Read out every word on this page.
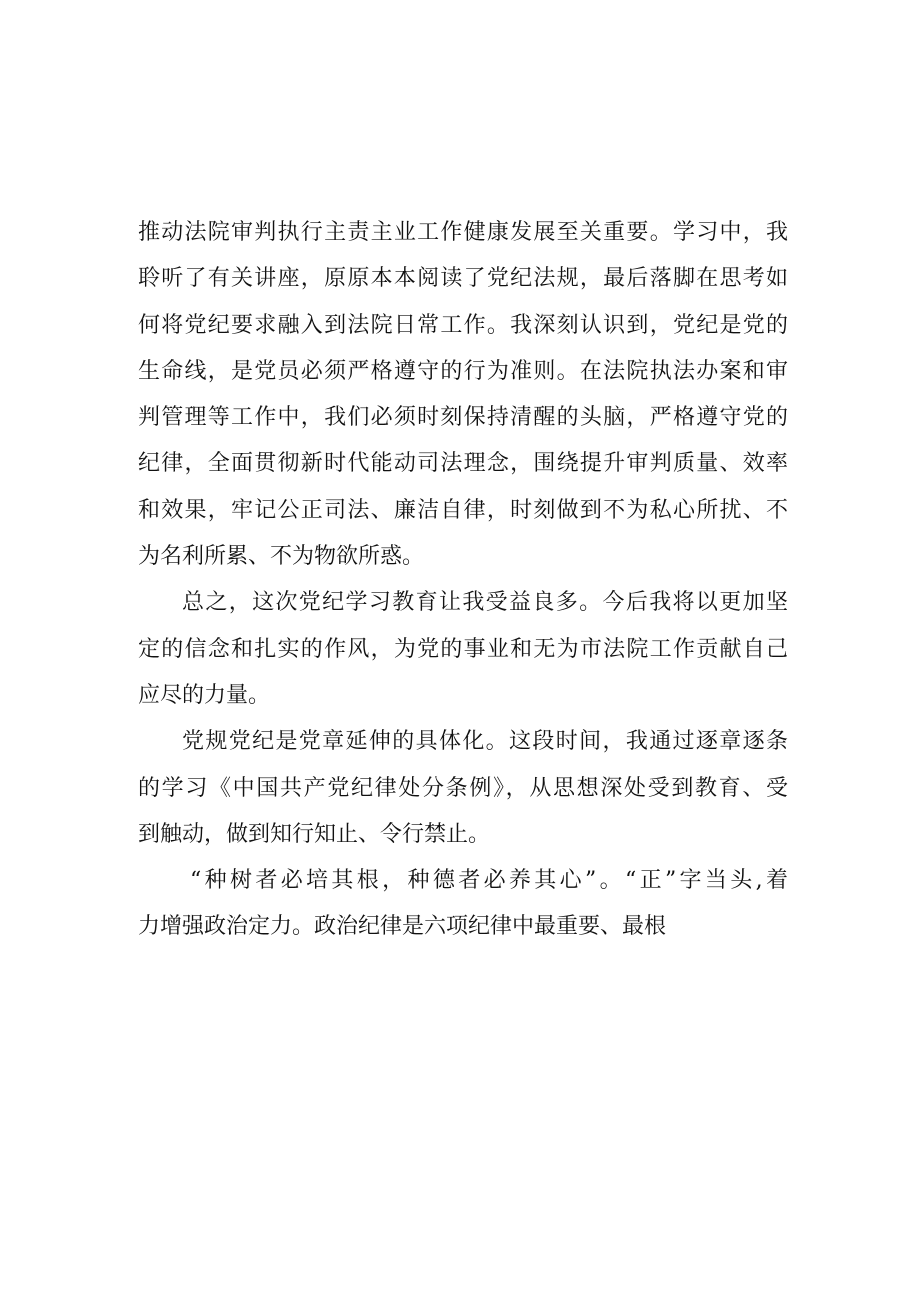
推动法院审判执行主责主业工作健康发展至关重要。学习中，我
聆听了有关讲座，原原本本阅读了党纪法规，最后落脚在思考如
何将党纪要求融入到法院日常工作。我深刻认识到，党纪是党的
生命线，是党员必须严格遵守的行为准则。在法院执法办案和审
判管理等工作中，我们必须时刻保持清醒的头脑，严格遵守党的
纪律，全面贯彻新时代能动司法理念，围绕提升审判质量、效率
和效果，牢记公正司法、廉洁自律，时刻做到不为私心所扰、不
为名利所累、不为物欲所惑。
总之，这次党纪学习教育让我受益良多。今后我将以更加坚
定的信念和扎实的作风，为党的事业和无为市法院工作贡献自己
应尽的力量。
党规党纪是党章延伸的具体化。这段时间，我通过逐章逐条
的学习《中国共产党纪律处分条例》，从思想深处受到教育、受
到触动，做到知行知止、令行禁止。
“种树者必培其根，种德者必养其心”。“正”字当头,着
力增强政治定力。政治纪律是六项纪律中最重要、最根
